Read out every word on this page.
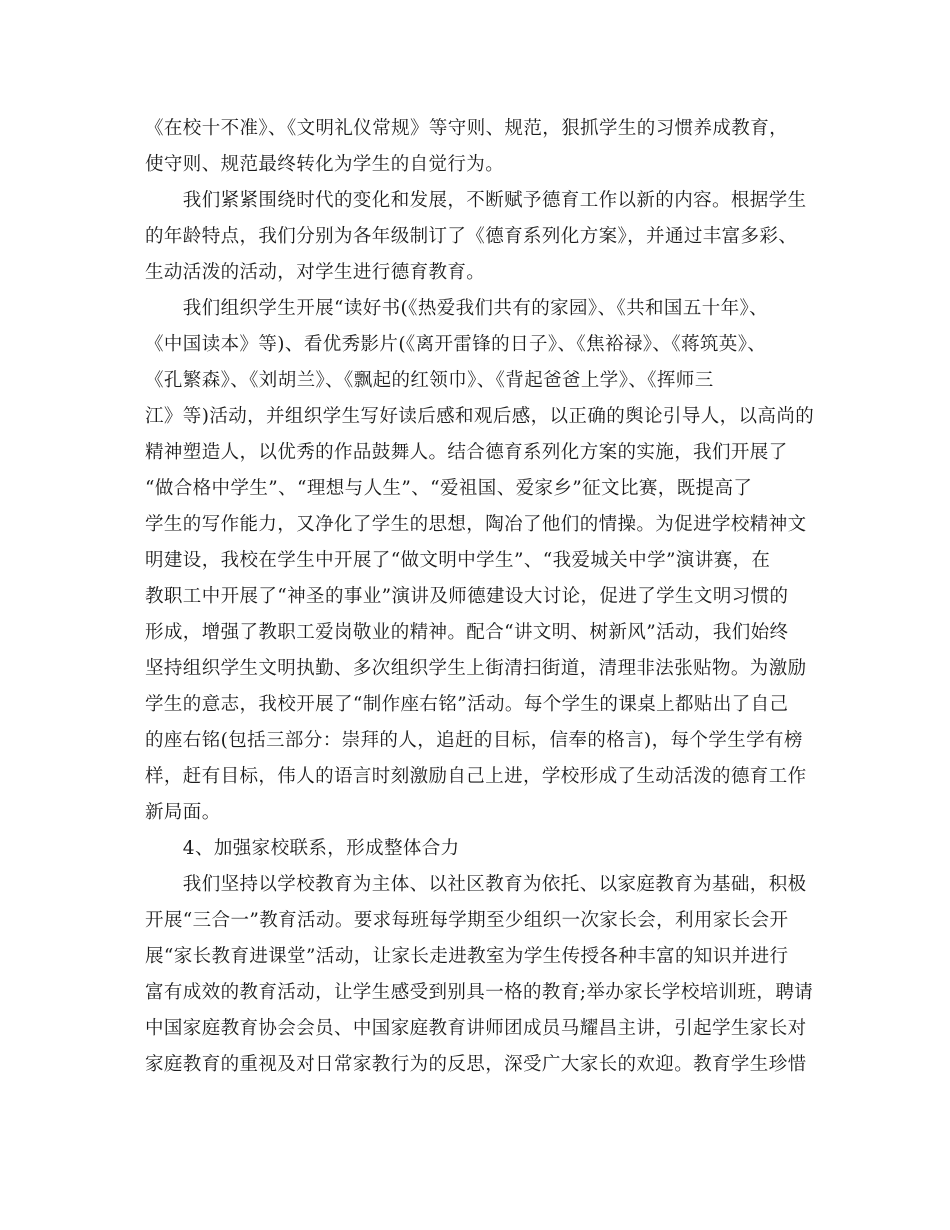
《在校十不准》、《文明礼仪常规》等守则、规范，狠抓学生的习惯养成教育，
使守则、规范最终转化为学生的自觉行为。
　　我们紧紧围绕时代的变化和发展，不断赋予德育工作以新的内容。根据学生
的年龄特点，我们分别为各年级制订了《德育系列化方案》，并通过丰富多彩、
生动活泼的活动，对学生进行德育教育。
　　我们组织学生开展“读好书(《热爱我们共有的家园》、《共和国五十年》、
《中国读本》等)、看优秀影片(《离开雷锋的日子》、《焦裕禄》、《蒋筑英》、
《孔繁森》、《刘胡兰》、《飘起的红领巾》、《背起爸爸上学》、《挥师三
江》等)活动，并组织学生写好读后感和观后感，以正确的舆论引导人，以高尚的
精神塑造人，以优秀的作品鼓舞人。结合德育系列化方案的实施，我们开展了
“做合格中学生”、“理想与人生”、“爱祖国、爱家乡”征文比赛，既提高了
学生的写作能力，又净化了学生的思想，陶冶了他们的情操。为促进学校精神文
明建设，我校在学生中开展了“做文明中学生”、“我爱城关中学”演讲赛，在
教职工中开展了“神圣的事业”演讲及师德建设大讨论，促进了学生文明习惯的
形成，增强了教职工爱岗敬业的精神。配合“讲文明、树新风”活动，我们始终
坚持组织学生文明执勤、多次组织学生上街清扫街道，清理非法张贴物。为激励
学生的意志，我校开展了“制作座右铭”活动。每个学生的课桌上都贴出了自己
的座右铭(包括三部分：崇拜的人，追赶的目标，信奉的格言)，每个学生学有榜
样，赶有目标，伟人的语言时刻激励自己上进，学校形成了生动活泼的德育工作
新局面。
　　4、加强家校联系，形成整体合力
　　我们坚持以学校教育为主体、以社区教育为依托、以家庭教育为基础，积极
开展“三合一”教育活动。要求每班每学期至少组织一次家长会，利用家长会开
展“家长教育进课堂”活动，让家长走进教室为学生传授各种丰富的知识并进行
富有成效的教育活动，让学生感受到别具一格的教育;举办家长学校培训班，聘请
中国家庭教育协会会员、中国家庭教育讲师团成员马耀昌主讲，引起学生家长对
家庭教育的重视及对日常家教行为的反思，深受广大家长的欢迎。教育学生珍惜
